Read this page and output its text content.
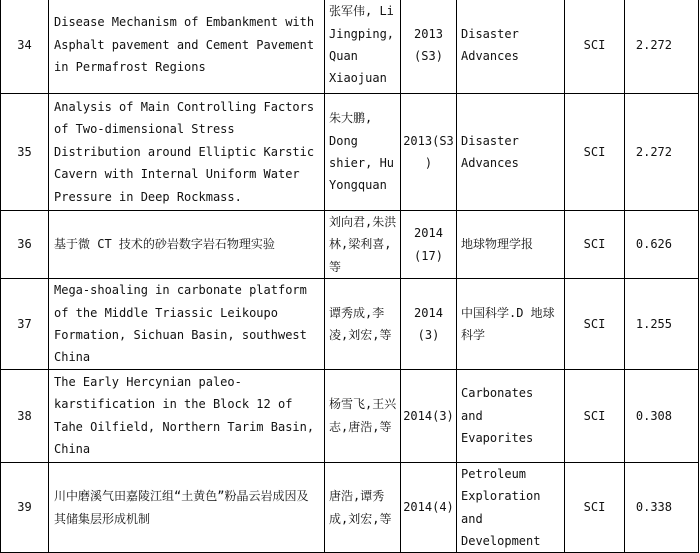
34	Disease Mechanism of Embankment with Asphalt pavement and Cement Pavement in Permafrost Regions	张军伟, Li Jingping, Quan Xiaojuan	2013 (S3)	Disaster Advances	SCI	2.272
35	Analysis of Main Controlling Factors of Two-dimensional Stress Distribution around Elliptic Karstic Cavern with Internal Uniform Water Pressure in Deep Rockmass.	朱大鹏, Dong shier, Hu Yongquan	2013(S3)	Disaster Advances	SCI	2.272
36	基于微 CT 技术的砂岩数字岩石物理实验	刘向君,朱洪林,梁利喜,等	2014 (17)	地球物理学报	SCI	0.626
37	Mega-shoaling in carbonate platform of the Middle Triassic Leikoupo Formation, Sichuan Basin, southwest China	谭秀成,李凌,刘宏,等	2014 (3)	中国科学.D 地球科学	SCI	1.255
38	The Early Hercynian paleo-karstification in the Block 12 of Tahe Oilfield, Northern Tarim Basin, China	杨雪飞,王兴志,唐浩,等	2014(3)	Carbonates and Evaporites	SCI	0.308
39	川中磨溪气田嘉陵江组“土黄色”粉晶云岩成因及其储集层形成机制	唐浩,谭秀成,刘宏,等	2014(4)	Petroleum Exploration and Development	SCI	0.338
